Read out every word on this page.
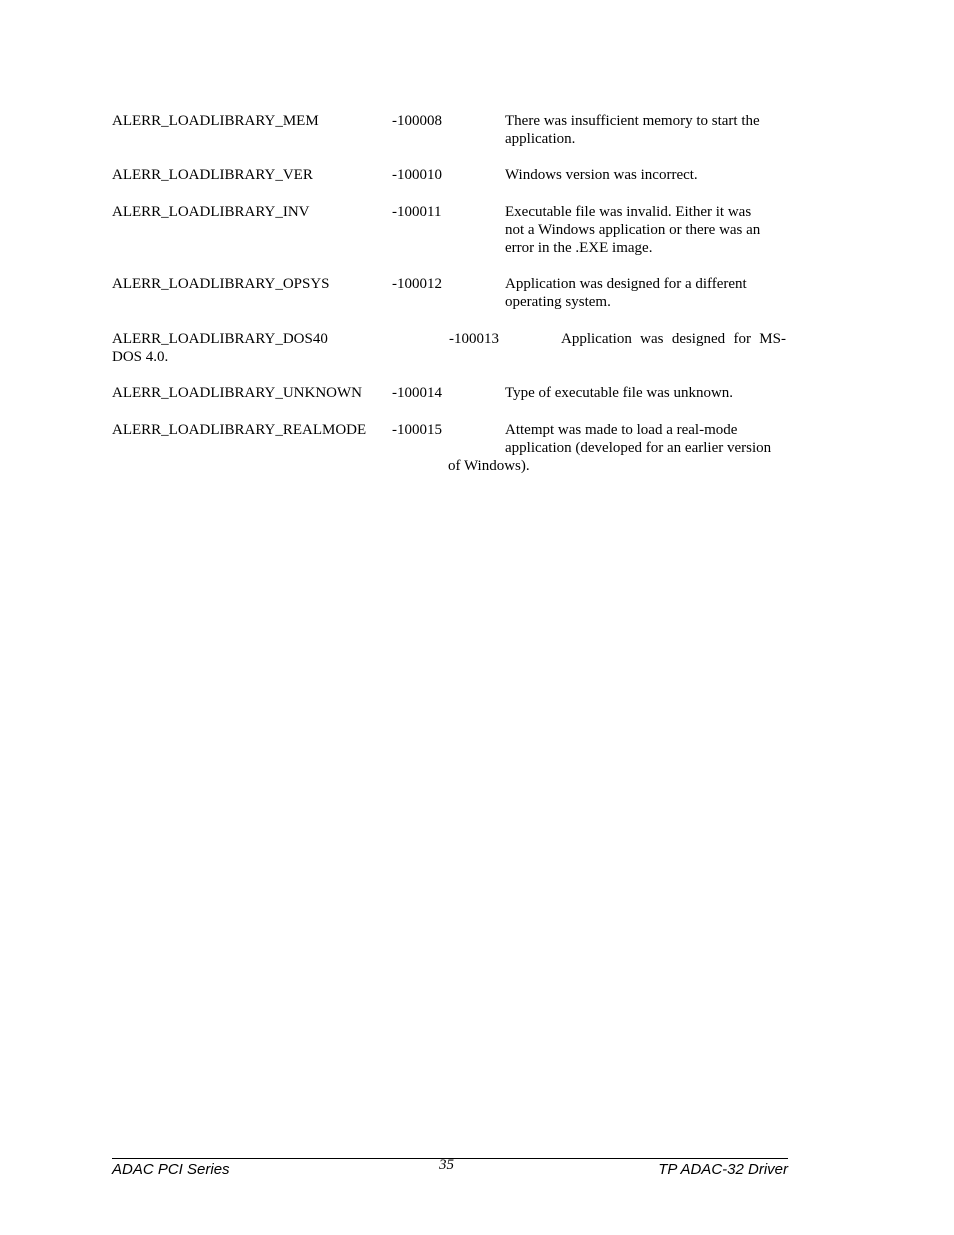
ALERR_LOADLIBRARY_MEM	-100008	There was insufficient memory to start the
application.
ALERR_LOADLIBRARY_VER	-100010	Windows version was incorrect.
ALERR_LOADLIBRARY_INV	-100011	Executable file was invalid. Either it was
not a Windows application or there was an
error in the .EXE image.
ALERR_LOADLIBRARY_OPSYS	-100012	Application was designed for a different
operating system.
ALERR_LOADLIBRARY_DOS40	-100013	Application was designed for MS-
DOS 4.0.
ALERR_LOADLIBRARY_UNKNOWN -100014	Type of executable file was unknown.
ALERR_LOADLIBRARY_REALMODE -100015	Attempt was made to load a real-mode
application (developed for an earlier version
of Windows).
ADAC PCI Series	35	TP ADAC-32 Driver
